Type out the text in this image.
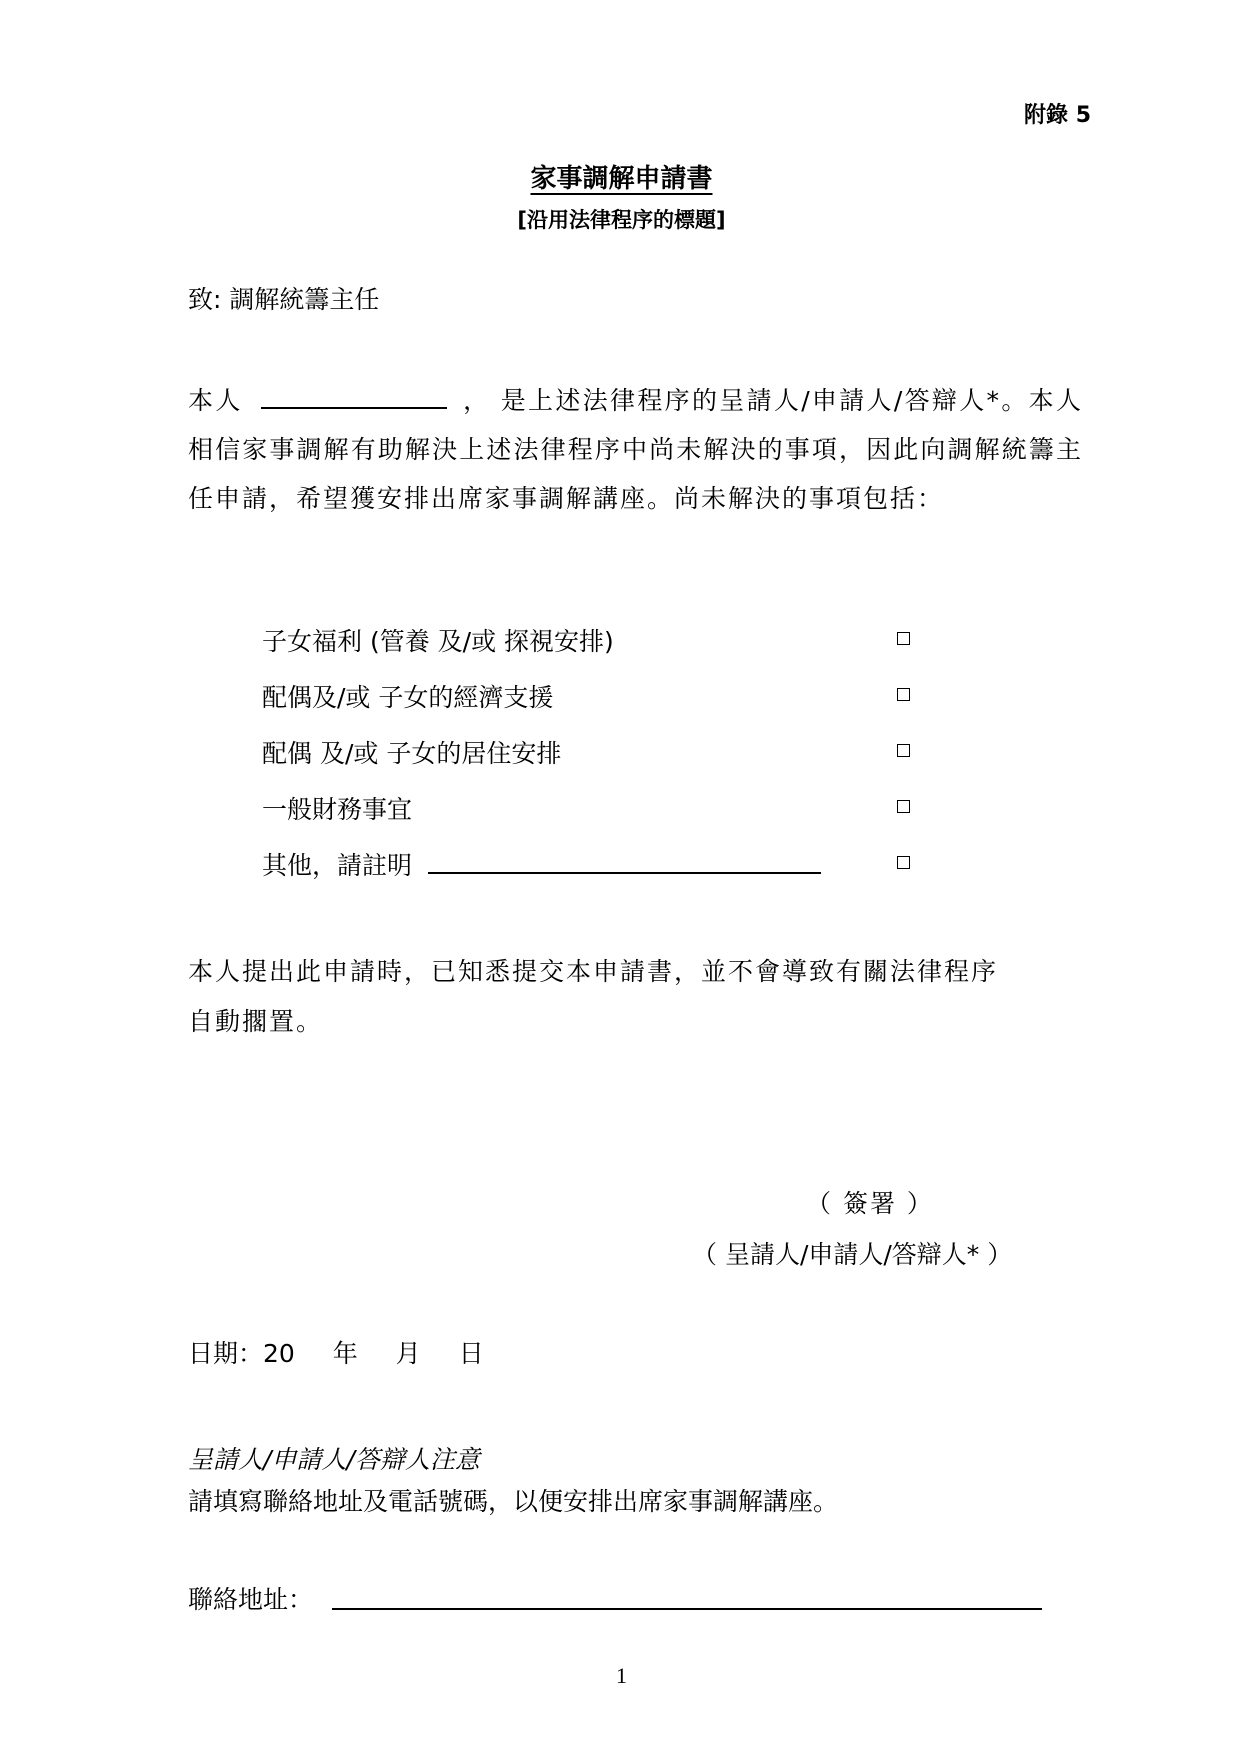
附錄 5
家事調解申請書
[沿用法律程序的標題]
致: 調解統籌主任
本人	， 是上述法律程序的呈請人/申請人/答辯人*。本人相信家事調解有助解決上述法律程序中尚未解決的事項，因此向調解統籌主任申請，希望獲安排出席家事調解講座。尚未解決的事項包括：
子女福利 (管養 及/或 探視安排)
配偶及/或 子女的經濟支援
配偶 及/或 子女的居住安排
一般財務事宜
其他，請註明
本人提出此申請時，已知悉提交本申請書，並不會導致有關法律程序
自動擱置。
（ 簽署 ）
（ 呈請人/申請人/答辯人* ）
日期：20 年 月 日
呈請人/申請人/答辯人注意
請填寫聯絡地址及電話號碼，以便安排出席家事調解講座。
聯絡地址：
1
